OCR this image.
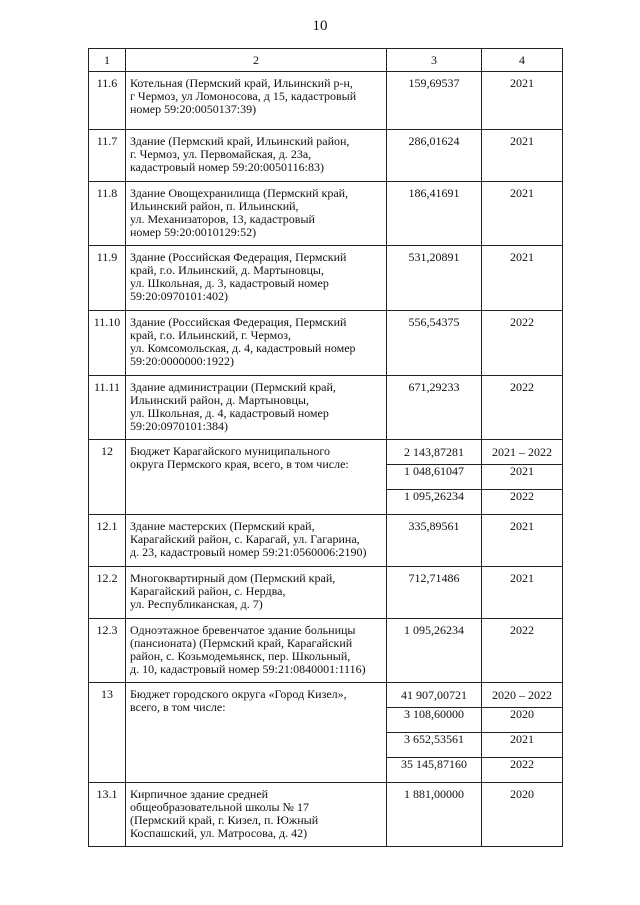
10
1	2	3	4
11.6	Котельная (Пермский край, Ильинский р-н,
г Чермоз, ул Ломоносова, д 15, кадастровый
номер 59:20:0050137:39)	159,69537	2021
11.7	Здание (Пермский край, Ильинский район,
г. Чермоз, ул. Первомайская, д. 23а,
кадастровый номер 59:20:0050116:83)	286,01624	2021
11.8	Здание Овощехранилища (Пермский край,
Ильинский район, п. Ильинский,
ул. Механизаторов, 13, кадастровый
номер 59:20:0010129:52)	186,41691	2021
11.9	Здание (Российская Федерация, Пермский
край, г.о. Ильинский, д. Мартыновцы,
ул. Школьная, д. 3, кадастровый номер
59:20:0970101:402)	531,20891	2021
11.10	Здание (Российская Федерация, Пермский
край, г.о. Ильинский, г. Чермоз,
ул. Комсомольская, д. 4, кадастровый номер
59:20:0000000:1922)	556,54375	2022
11.11	Здание администрации (Пермский край,
Ильинский район, д. Мартыновцы,
ул. Школьная, д. 4, кадастровый номер
59:20:0970101:384)	671,29233	2022
12	Бюджет Карагайского муниципального
округа Пермского края, всего, в том числе:	2 143,87281	2021 – 2022
		1 048,61047	2021
		1 095,26234	2022
12.1	Здание мастерских (Пермский край,
Карагайский район, с. Карагай, ул. Гагарина,
д. 23, кадастровый номер 59:21:0560006:2190)	335,89561	2021
12.2	Многоквартирный дом (Пермский край,
Карагайский район, с. Нердва,
ул. Республиканская, д. 7)	712,71486	2021
12.3	Одноэтажное бревенчатое здание больницы
(пансионата) (Пермский край, Карагайский
район, с. Козьмодемьянск, пер. Школьный,
д. 10, кадастровый номер 59:21:0840001:1116)	1 095,26234	2022
13	Бюджет городского округа «Город Кизел»,
всего, в том числе:	41 907,00721	2020 – 2022
		3 108,60000	2020
		3 652,53561	2021
		35 145,87160	2022
13.1	Кирпичное здание средней
общеобразовательной школы № 17
(Пермский край, г. Кизел, п. Южный
Коспашский, ул. Матросова, д. 42)	1 881,00000	2020
